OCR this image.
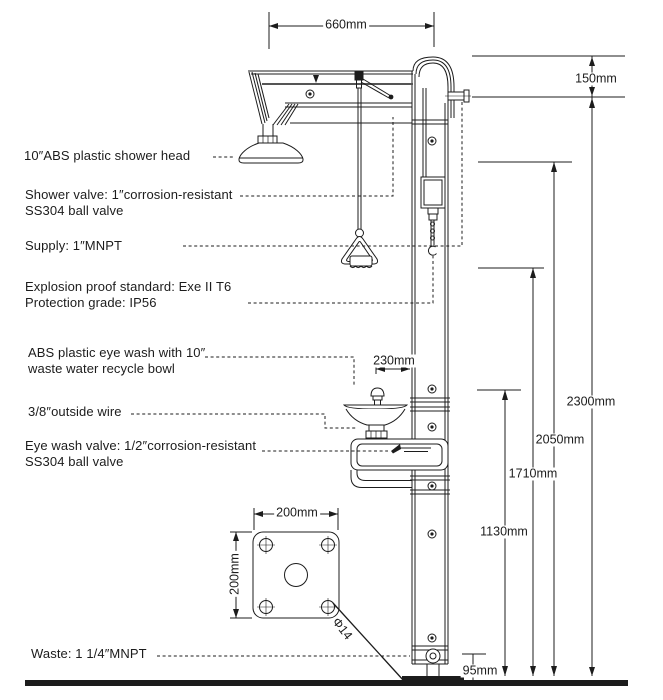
10″ABS plastic shower head
Shower valve: 1″corrosion-resistant
SS304 ball valve
Supply: 1″MNPT
Explosion proof standard: Exe II T6
Protection grade: IP56
ABS plastic eye wash with 10″
waste water recycle bowl
3/8″outside wire
Eye wash valve: 1/2″corrosion-resistant
SS304 ball valve
Waste: 1 1/4″MNPT
660mm
150mm
2300mm
2050mm
1710mm
1130mm
95mm
230mm
200mm
200mm
Φ14
